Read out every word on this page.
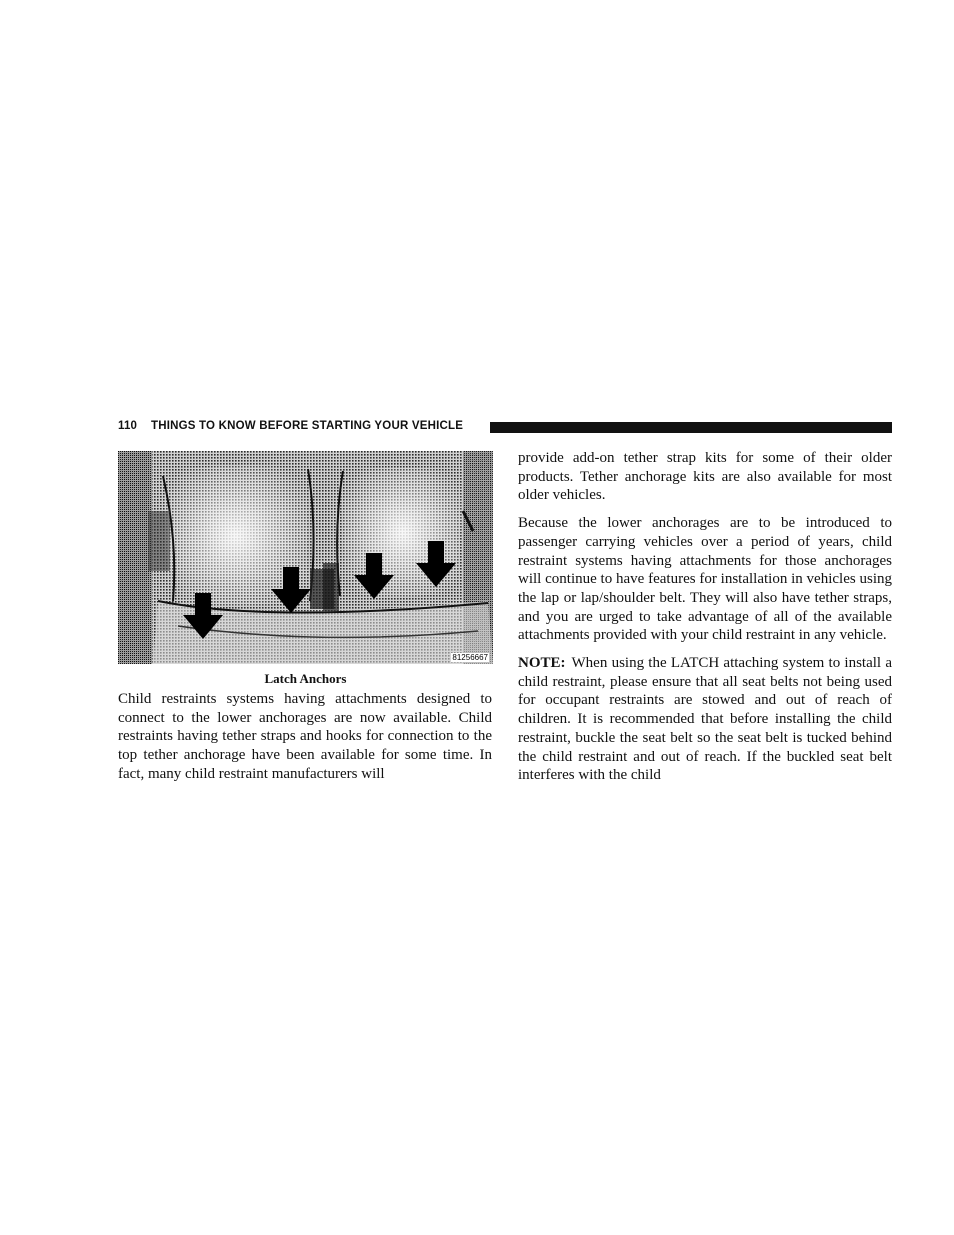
110 THINGS TO KNOW BEFORE STARTING YOUR VEHICLE
81256667
Latch Anchors

Child restraints systems having attachments designed to connect to the lower anchorages are now available. Child restraints having tether straps and hooks for connection to the top tether anchorage have been available for some time. In fact, many child restraint manufacturers will

provide add-on tether strap kits for some of their older products. Tether anchorage kits are also available for most older vehicles.

Because the lower anchorages are to be introduced to passenger carrying vehicles over a period of years, child restraint systems having attachments for those anchorages will continue to have features for installation in vehicles using the lap or lap/shoulder belt. They will also have tether straps, and you are urged to take advantage of all of the available attachments provided with your child restraint in any vehicle.

NOTE: When using the LATCH attaching system to install a child restraint, please ensure that all seat belts not being used for occupant restraints are stowed and out of reach of children. It is recommended that before installing the child restraint, buckle the seat belt so the seat belt is tucked behind the child restraint and out of reach. If the buckled seat belt interferes with the child
